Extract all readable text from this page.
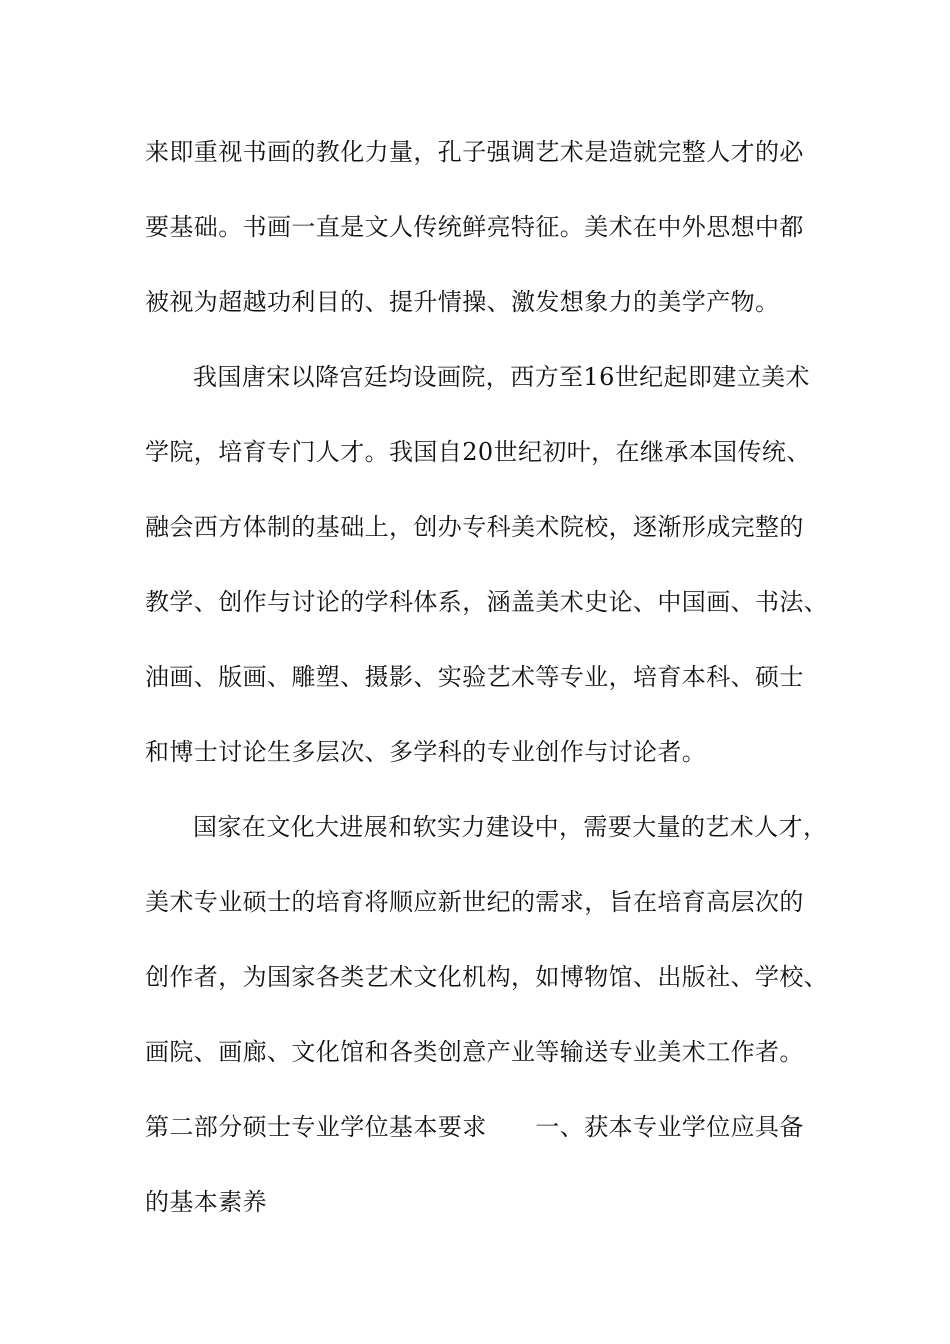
来即重视书画的教化力量，孔子强调艺术是造就完整人才的必
要基础。书画一直是文人传统鲜亮特征。美术在中外思想中都
被视为超越功利目的、提升情操、激发想象力的美学产物。
我国唐宋以降宫廷均设画院，西方至16世纪起即建立美术
学院，培育专门人才。我国自20世纪初叶，在继承本国传统、
融会西方体制的基础上，创办专科美术院校，逐渐形成完整的
教学、创作与讨论的学科体系，涵盖美术史论、中国画、书法、
油画、版画、雕塑、摄影、实验艺术等专业，培育本科、硕士
和博士讨论生多层次、多学科的专业创作与讨论者。
国家在文化大进展和软实力建设中，需要大量的艺术人才，
美术专业硕士的培育将顺应新世纪的需求，旨在培育高层次的
创作者，为国家各类艺术文化机构，如博物馆、出版社、学校、
画院、画廊、文化馆和各类创意产业等输送专业美术工作者。
第二部分硕士专业学位基本要求　　一、获本专业学位应具备
的基本素养
